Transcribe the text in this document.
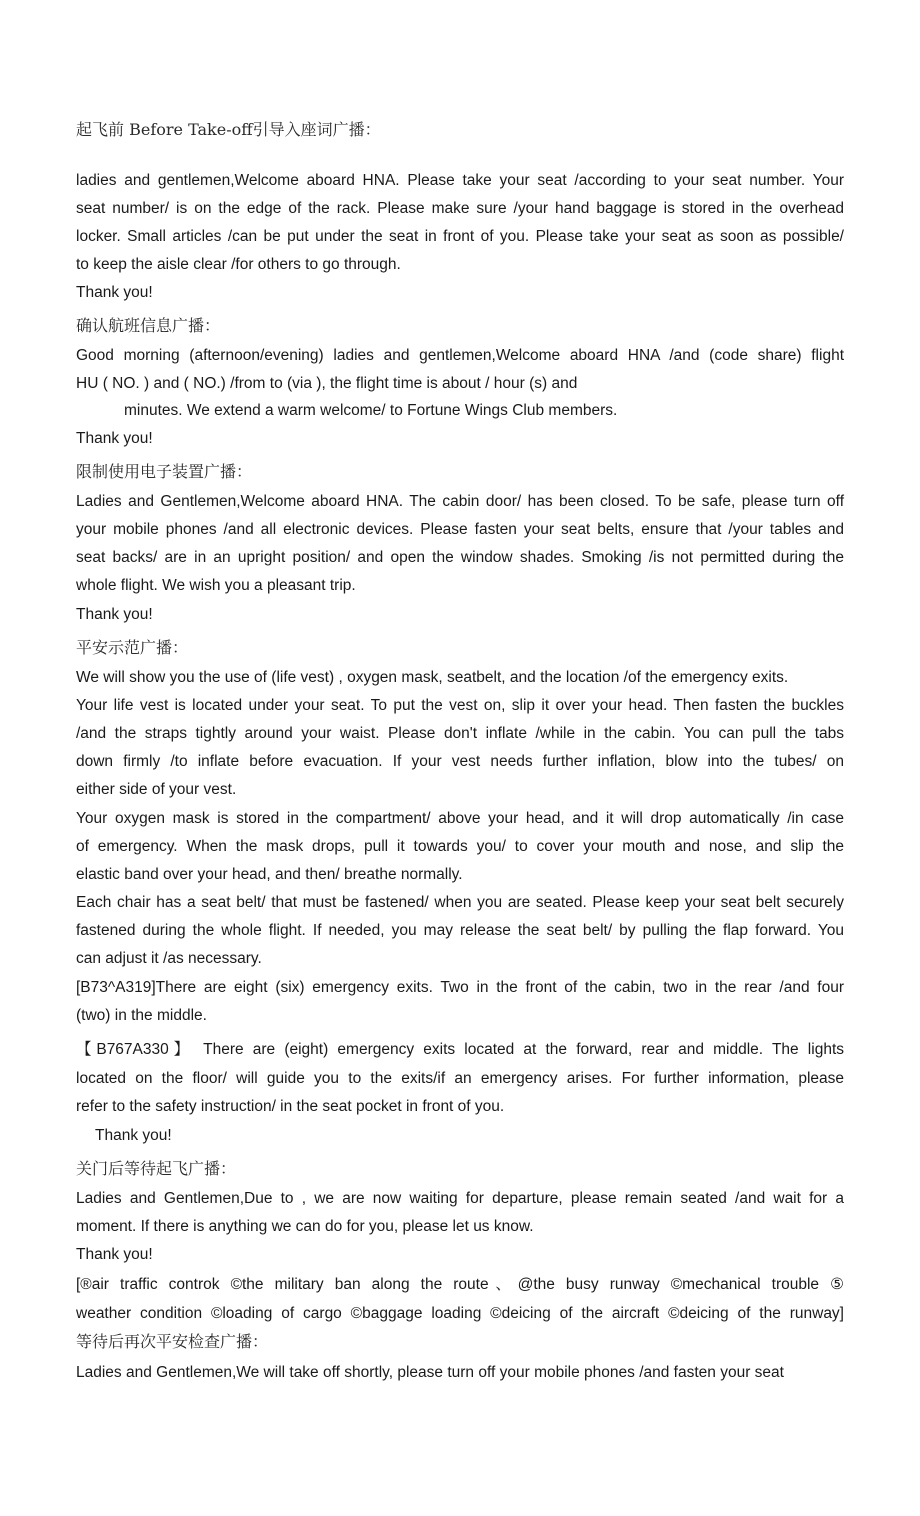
起飞前 Before Take-off引导入座词广播：
ladies and gentlemen,Welcome aboard HNA. Please take your seat /according to your seat number. Your
seat number/ is on the edge of the rack. Please make sure /your hand baggage is stored in the overhead
locker. Small articles /can be put under the seat in front of you. Please take your seat as soon as possible/
to keep the aisle clear /for others to go through.
Thank you!
确认航班信息广播：
Good morning (afternoon/evening) ladies and gentlemen,Welcome aboard HNA /and (code share) flight
HU ( NO. ) and ( NO.) /from to (via ), the flight time is about / hour (s) and
minutes. We extend a warm welcome/ to Fortune Wings Club members.
Thank you!
限制使用电子装置广播：
Ladies and Gentlemen,Welcome aboard HNA. The cabin door/ has been closed. To be safe, please turn off
your mobile phones /and all electronic devices. Please fasten your seat belts, ensure that /your tables and
seat backs/ are in an upright position/ and open the window shades. Smoking /is not permitted during the
whole flight. We wish you a pleasant trip.
Thank you!
平安示范广播：
We will show you the use of (life vest) , oxygen mask, seatbelt, and the location /of the emergency exits.
Your life vest is located under your seat. To put the vest on, slip it over your head. Then fasten the buckles
/and the straps tightly around your waist. Please don't inflate /while in the cabin. You can pull the tabs
down firmly /to inflate before evacuation. If your vest needs further inflation, blow into the tubes/ on
either side of your vest.
Your oxygen mask is stored in the compartment/ above your head, and it will drop automatically /in case
of emergency. When the mask drops, pull it towards you/ to cover your mouth and nose, and slip the
elastic band over your head, and then/ breathe normally.
Each chair has a seat belt/ that must be fastened/ when you are seated. Please keep your seat belt securely
fastened during the whole flight. If needed, you may release the seat belt/ by pulling the flap forward. You
can adjust it /as necessary.
[B73^A319]There are eight (six) emergency exits. Two in the front of the cabin, two in the rear /and four
(two) in the middle.
【B767A330】 There are (eight) emergency exits located at the forward, rear and middle. The lights
located on the floor/ will guide you to the exits/if an emergency arises. For further information, please
refer to the safety instruction/ in the seat pocket in front of you.
Thank you!
关门后等待起飞广播：
Ladies and Gentlemen,Due to , we are now waiting for departure, please remain seated /and wait for a
moment. If there is anything we can do for you, please let us know.
Thank you!
[®air traffic controk ©the military ban along the route、@the busy runway ©mechanical trouble ⑤
weather condition ©loading of cargo ©baggage loading ©deicing of the aircraft ©deicing of the runway]
等待后再次平安检查广播：
Ladies and Gentlemen,We will take off shortly, please turn off your mobile phones /and fasten your seat
